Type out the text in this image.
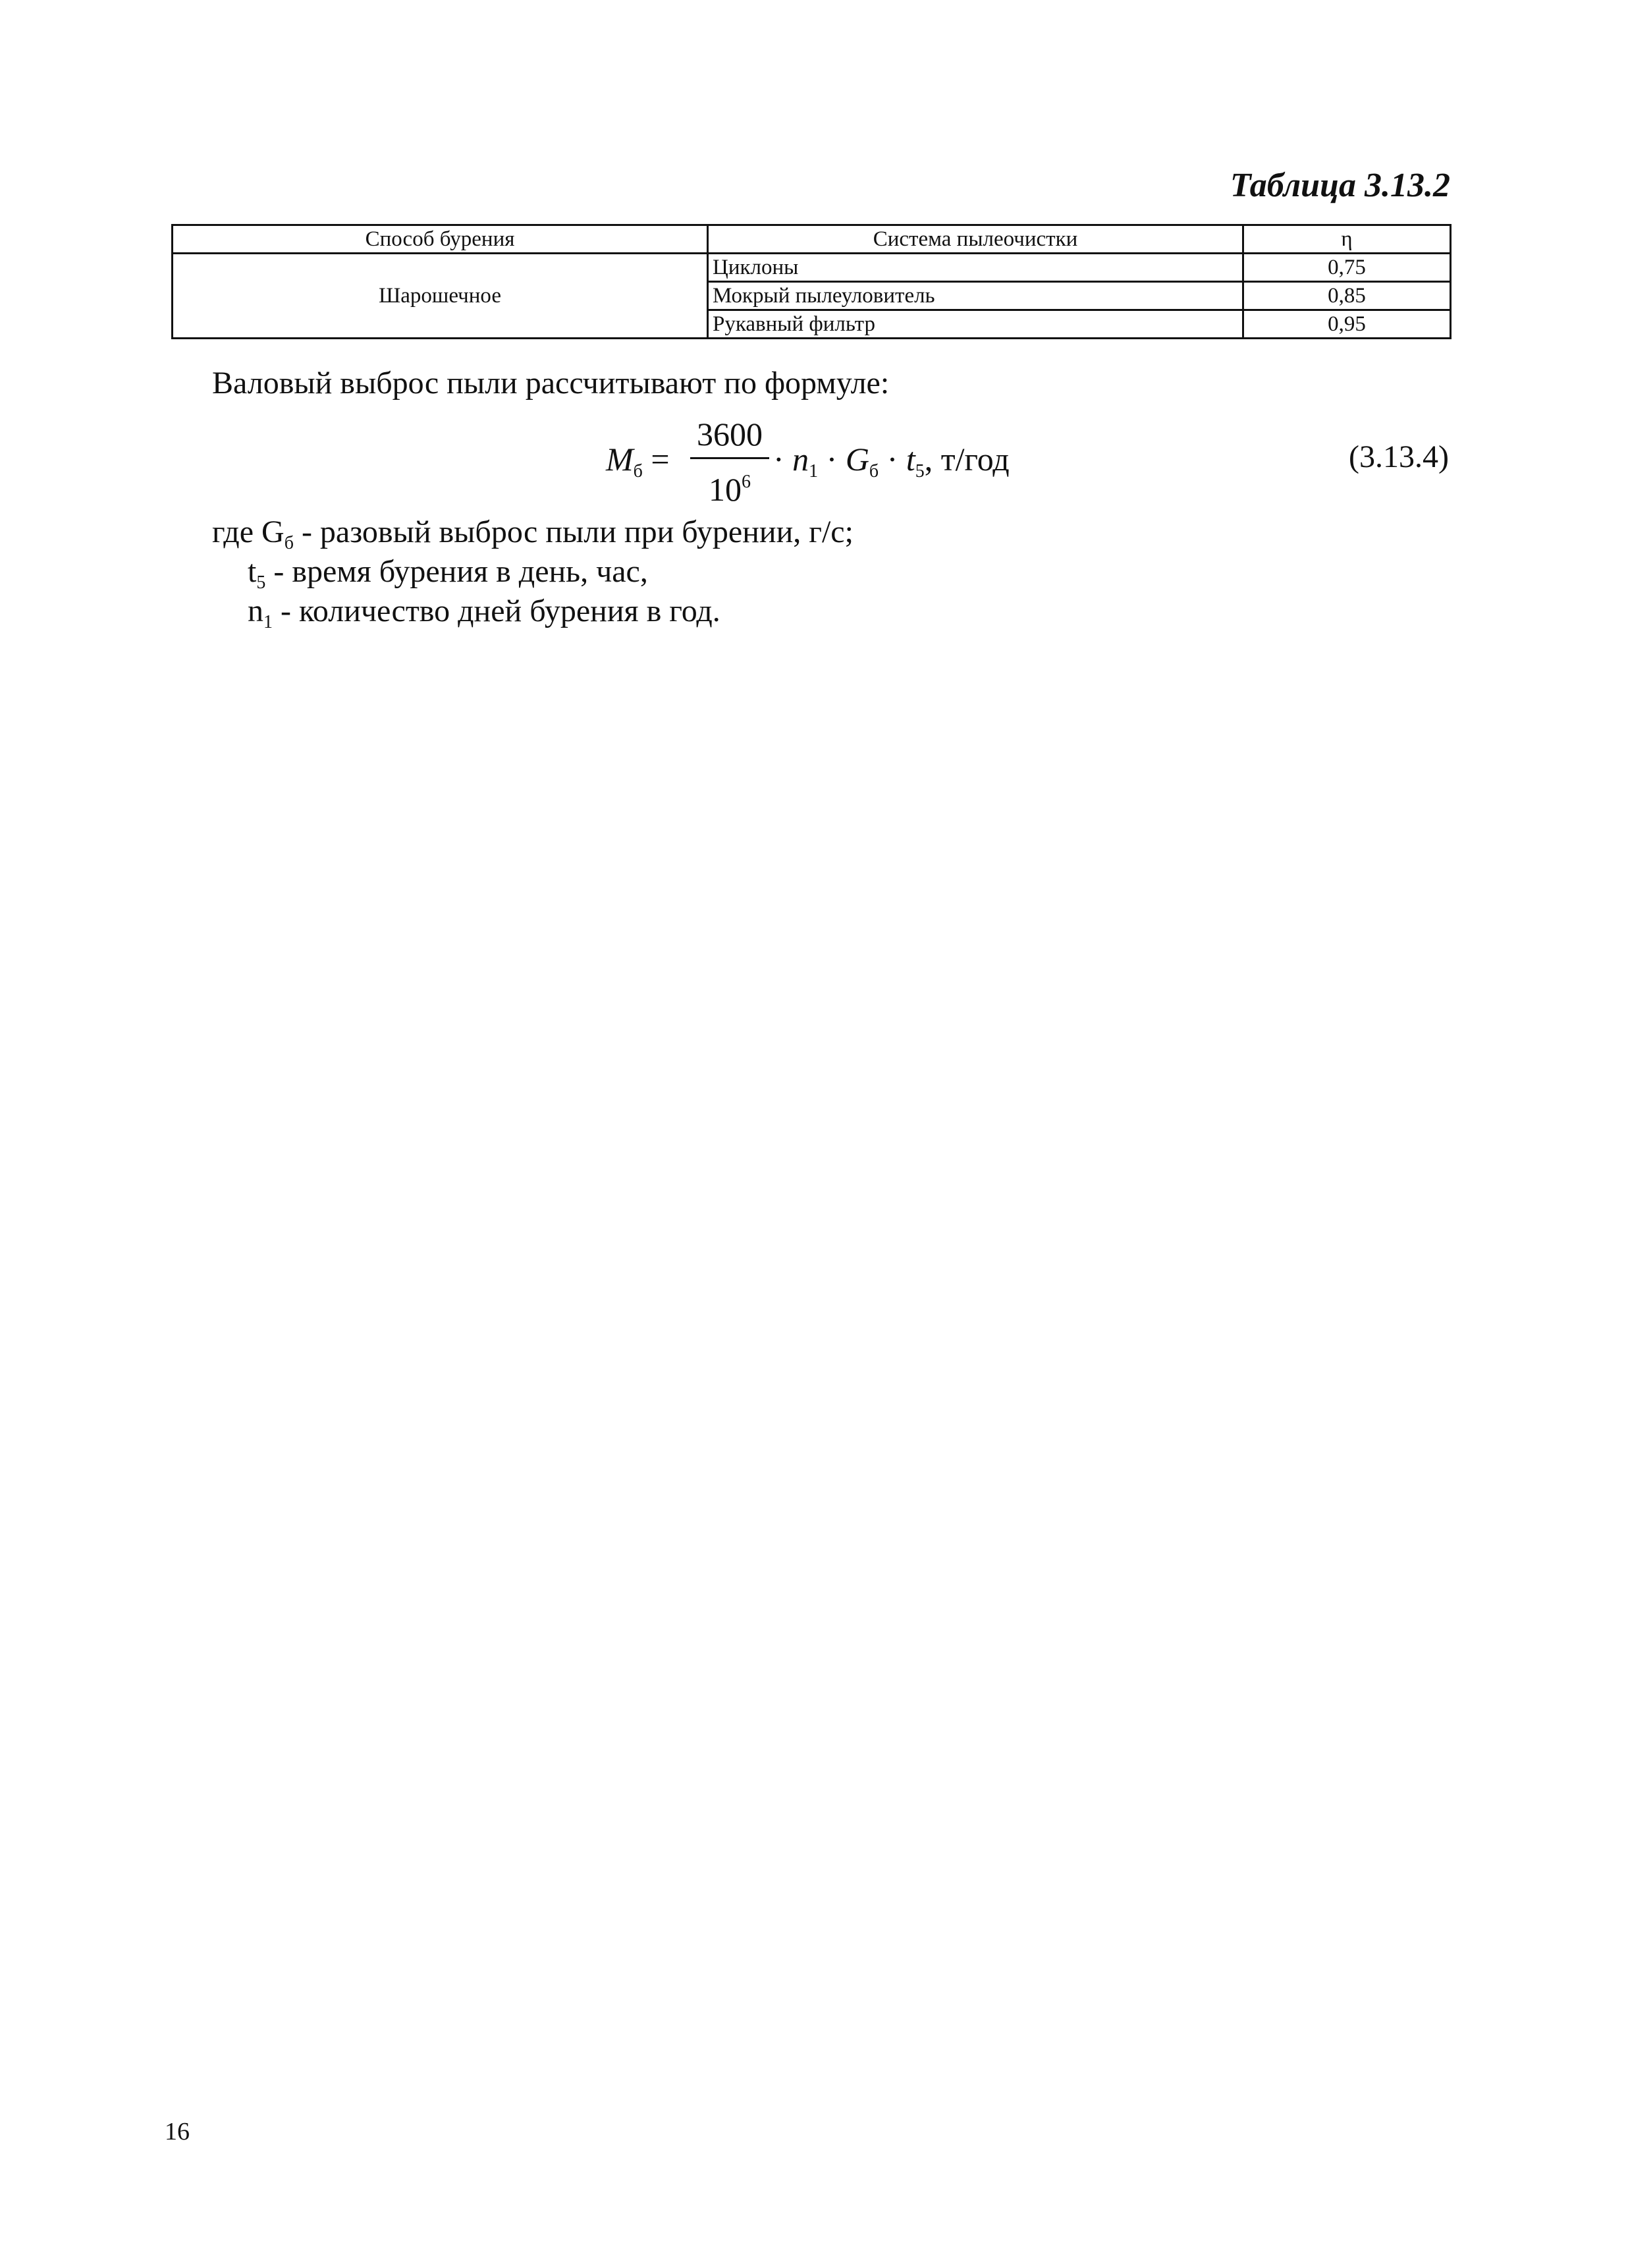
Таблица 3.13.2
Способ бурения	Система пылеочистки	η
Шарошечное	Циклоны	0,75
	Мокрый пылеуловитель	0,85
	Рукавный фильтр	0,95
Валовый выброс пыли рассчитывают по формуле:
$M_б$ =
3600
$10^6$
· $n_1 \cdot G_б \cdot t_5$, т/год	(3.13.4)
где $G_б$ - разовый выброс пыли при бурении, г/с;
$t_5$ - время бурения в день, час,
$n_1$ - количество дней бурения в год.
16
